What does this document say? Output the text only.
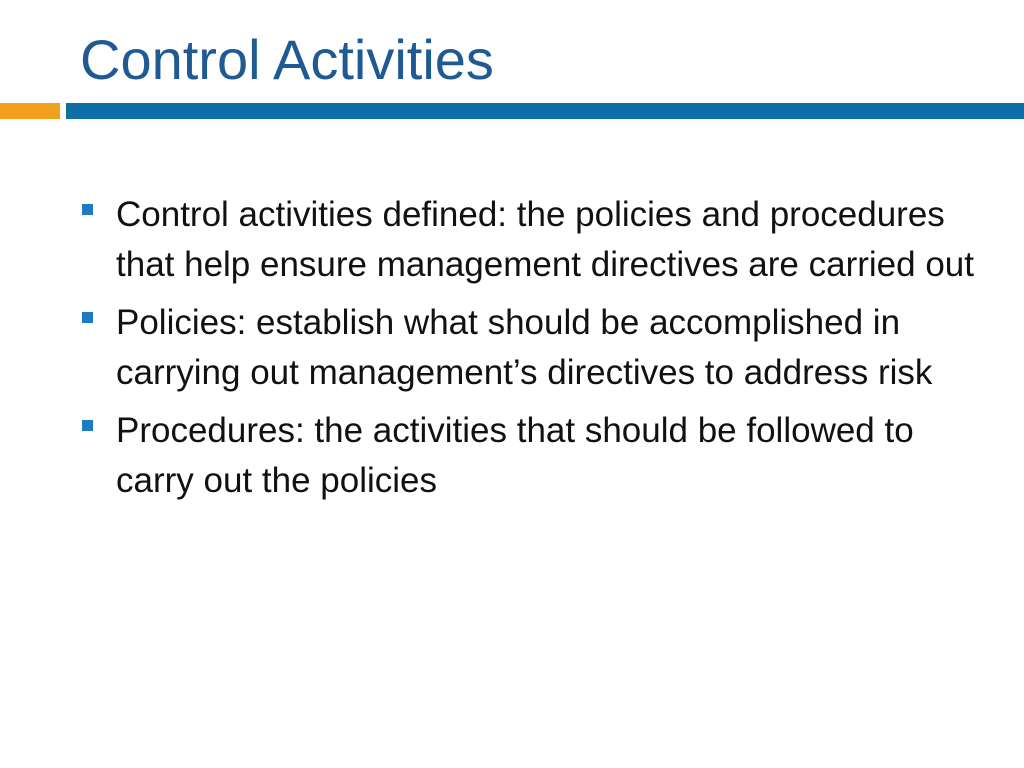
Control Activities
Control activities defined: the policies and procedures that help ensure management directives are carried out
Policies: establish what should be accomplished in carrying out management’s directives to address risk
Procedures: the activities that should be followed to carry out the policies
